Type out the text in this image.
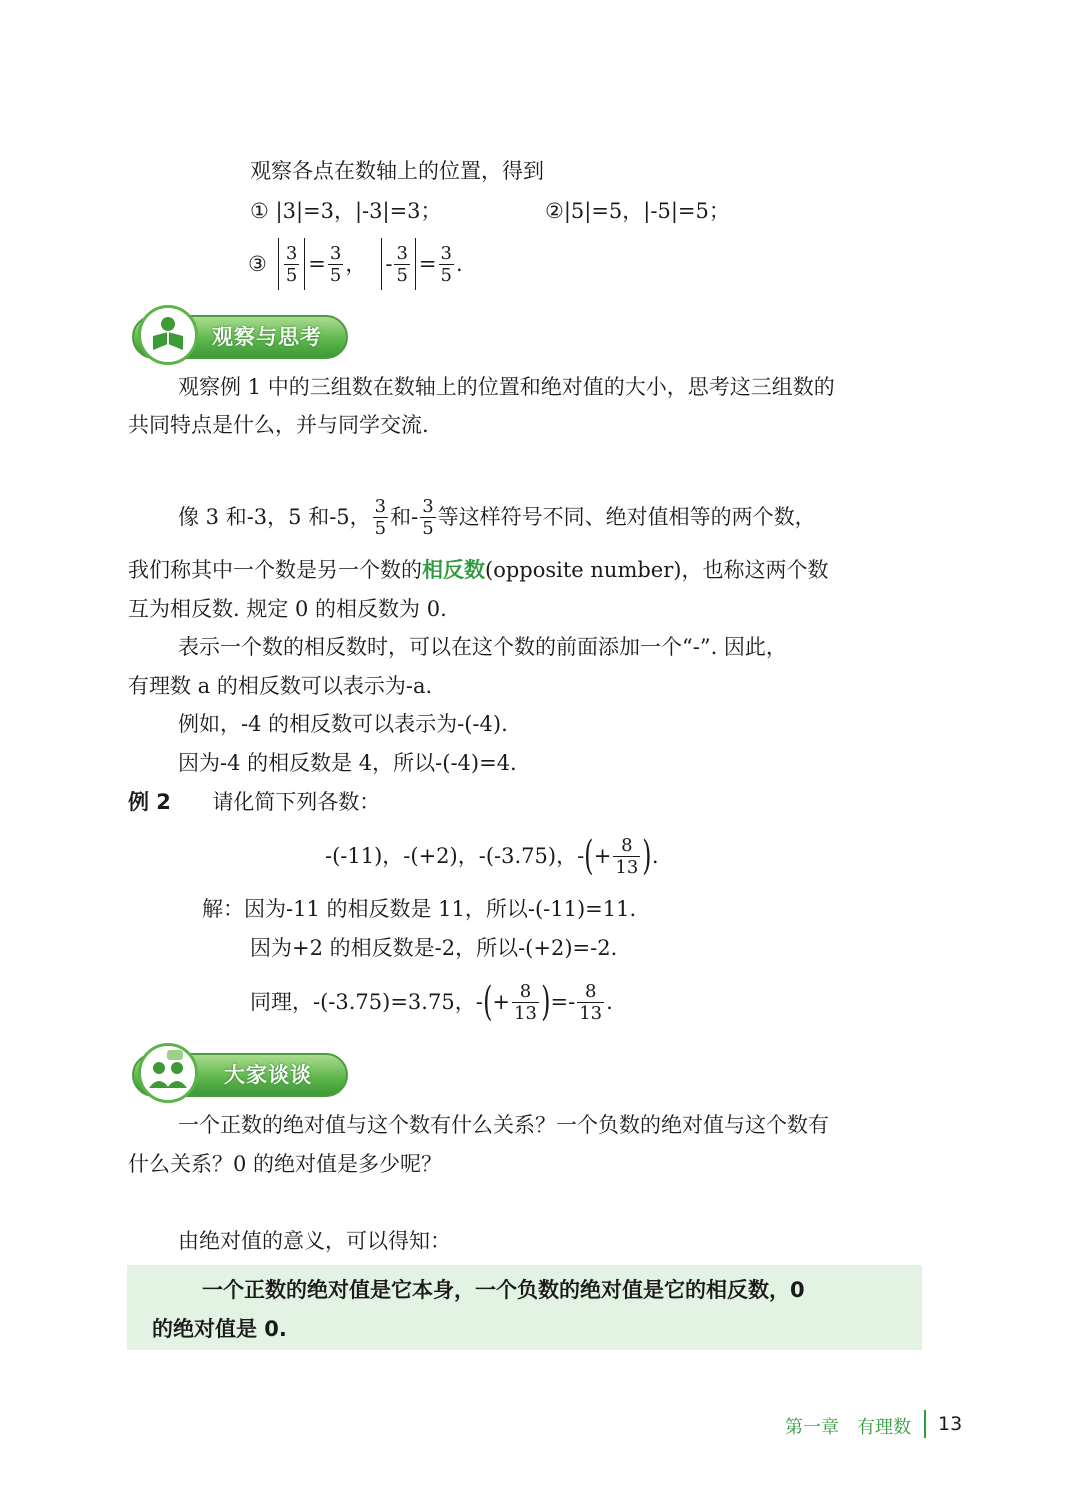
观察各点在数轴上的位置，得到
① |3|=3，|-3|=3；	②|5|=5，|-5|=5；
③ $\frac{3}{5} = \frac{3}{5}$ ， - $\frac{3}{5} = \frac{3}{5}$ .
观察与思考
观察例 1 中的三组数在数轴上的位置和绝对值的大小，思考这三组数的
共同特点是什么，并与同学交流.
像 3 和-3，5 和-5， $\frac{3}{5}$ 和- $\frac{3}{5}$ 等这样符号不同、绝对值相等的两个数，
我们称其中一个数是另一个数的相反数(opposite number)，也称这两个数
互为相反数. 规定 0 的相反数为 0.
表示一个数的相反数时，可以在这个数的前面添加一个“-”. 因此，
有理数 a 的相反数可以表示为-a.
例如，-4 的相反数可以表示为-(-4).
因为-4 的相反数是 4，所以-(-4)=4.
例 2 请化简下列各数：
-(-11)，-(+2)，-(-3.75)，- ( + $\frac{8}{13}$ ) .
解：因为-11 的相反数是 11，所以-(-11)=11.
因为+2 的相反数是-2，所以-(+2)=-2.
同理，-(-3.75)=3.75，- ( + $\frac{8}{13}$ ) =- $\frac{8}{13}$ .
大家谈谈
一个正数的绝对值与这个数有什么关系？一个负数的绝对值与这个数有
什么关系？0 的绝对值是多少呢？
由绝对值的意义，可以得知：
一个正数的绝对值是它本身，一个负数的绝对值是它的相反数，0
的绝对值是 0.
第一章　有理数 13
